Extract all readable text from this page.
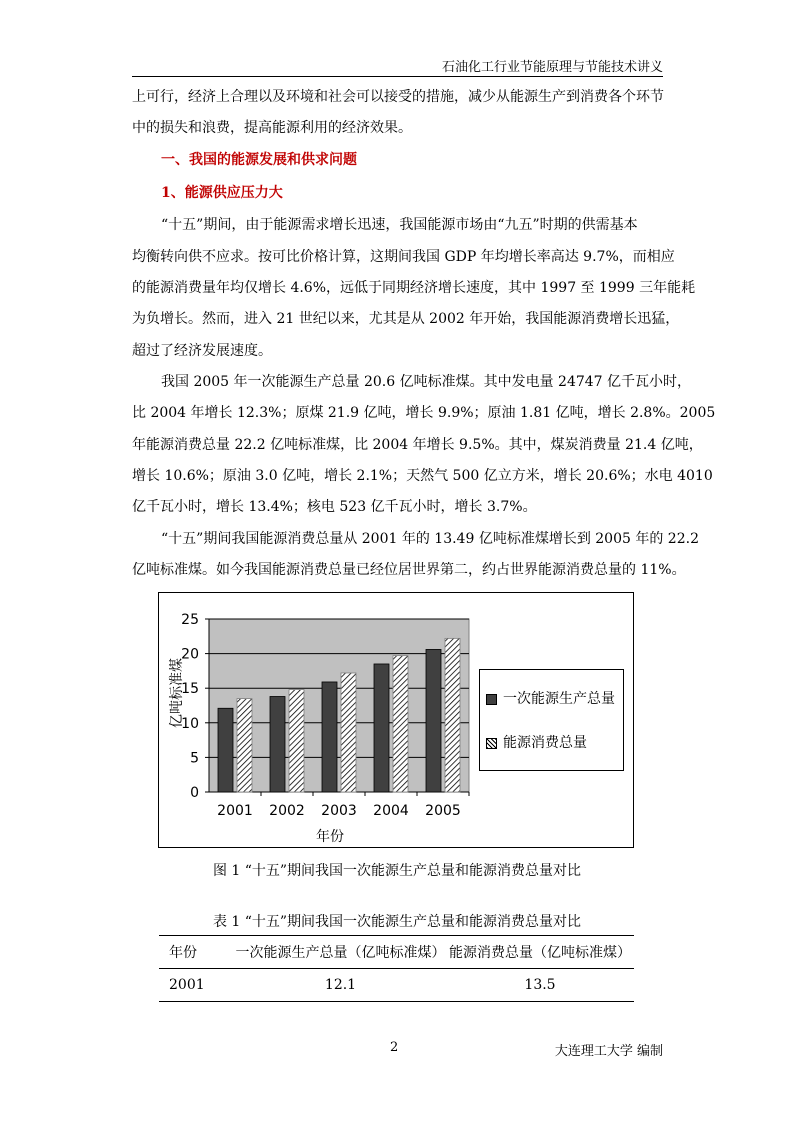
石油化工行业节能原理与节能技术讲义
上可行，经济上合理以及环境和社会可以接受的措施，减少从能源生产到消费各个环节
中的损失和浪费，提高能源利用的经济效果。
一、我国的能源发展和供求问题
1、能源供应压力大
“十五”期间，由于能源需求增长迅速，我国能源市场由“九五”时期的供需基本
均衡转向供不应求。按可比价格计算，这期间我国 GDP 年均增长率高达 9.7%，而相应
的能源消费量年均仅增长 4.6%，远低于同期经济增长速度，其中 1997 至 1999 三年能耗
为负增长。然而，进入 21 世纪以来，尤其是从 2002 年开始，我国能源消费增长迅猛，
超过了经济发展速度。
我国 2005 年一次能源生产总量 20.6 亿吨标准煤。其中发电量 24747 亿千瓦小时，
比 2004 年增长 12.3%；原煤 21.9 亿吨，增长 9.9%；原油 1.81 亿吨，增长 2.8%。2005
年能源消费总量 22.2 亿吨标准煤，比 2004 年增长 9.5%。其中，煤炭消费量 21.4 亿吨，
增长 10.6%；原油 3.0 亿吨，增长 2.1%；天然气 500 亿立方米，增长 20.6%；水电 4010
亿千瓦小时，增长 13.4%；核电 523 亿千瓦小时，增长 3.7%。
“十五”期间我国能源消费总量从 2001 年的 13.49 亿吨标准煤增长到 2005 年的 22.2
亿吨标准煤。如今我国能源消费总量已经位居世界第二，约占世界能源消费总量的 11%。
0
5
10
15
20
25
2001 2002 2003 2004 2005
年份
亿吨标准煤	一次能源生产总量
能源消费总量
图 1 “十五”期间我国一次能源生产总量和能源消费总量对比
表 1 “十五”期间我国一次能源生产总量和能源消费总量对比
年份	一次能源生产总量（亿吨标准煤） 能源消费总量（亿吨标准煤）
2001	12.1	13.5
2	大连理工大学 编制
